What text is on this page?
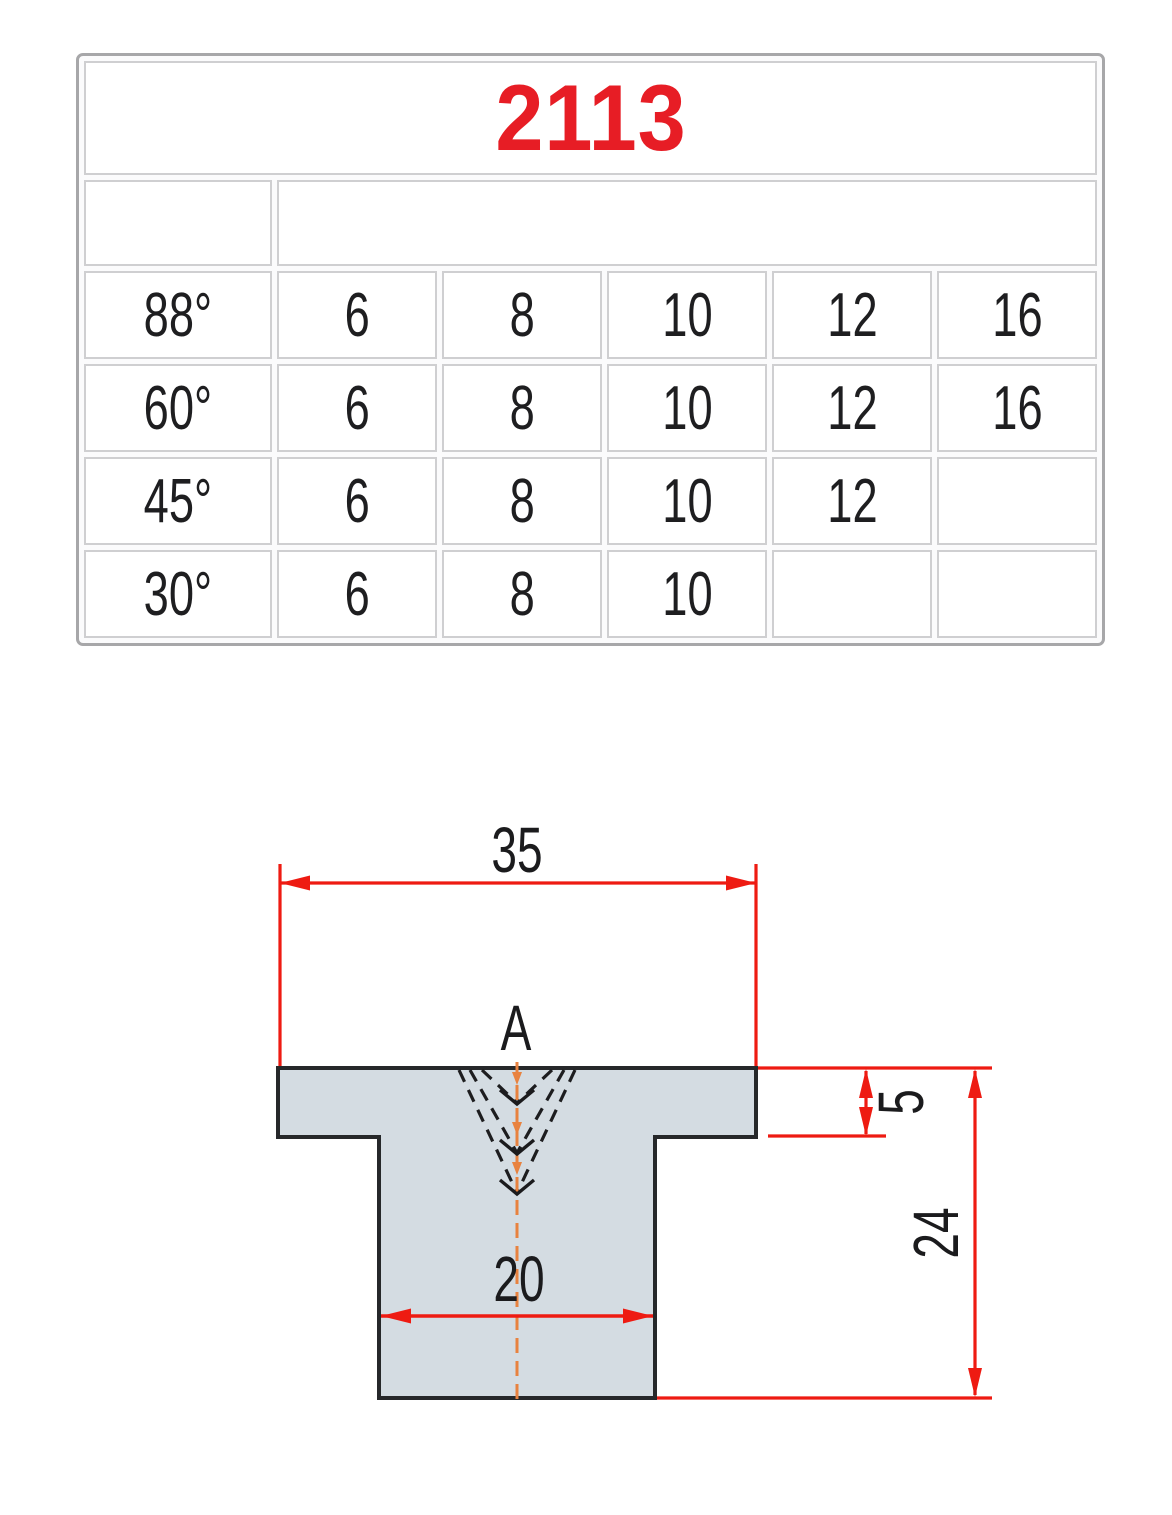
2113					
A	V				
88°	6	8	10	12	16
60°	6	8	10	12	16
45°	6	8	10	12	
30°	6	8	10		
35
A
5
24
20
